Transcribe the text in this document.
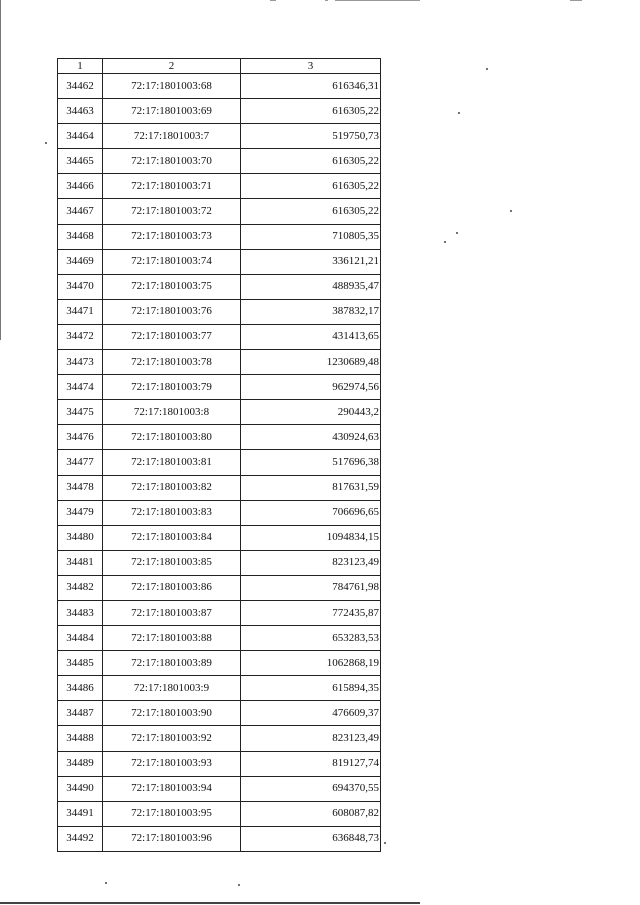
1	2	3
34462	72:17:1801003:68	616346,31
34463	72:17:1801003:69	616305,22
34464	72:17:1801003:7	519750,73
34465	72:17:1801003:70	616305,22
34466	72:17:1801003:71	616305,22
34467	72:17:1801003:72	616305,22
34468	72:17:1801003:73	710805,35
34469	72:17:1801003:74	336121,21
34470	72:17:1801003:75	488935,47
34471	72:17:1801003:76	387832,17
34472	72:17:1801003:77	431413,65
34473	72:17:1801003:78	1230689,48
34474	72:17:1801003:79	962974,56
34475	72:17:1801003:8	290443,2
34476	72:17:1801003:80	430924,63
34477	72:17:1801003:81	517696,38
34478	72:17:1801003:82	817631,59
34479	72:17:1801003:83	706696,65
34480	72:17:1801003:84	1094834,15
34481	72:17:1801003:85	823123,49
34482	72:17:1801003:86	784761,98
34483	72:17:1801003:87	772435,87
34484	72:17:1801003:88	653283,53
34485	72:17:1801003:89	1062868,19
34486	72:17:1801003:9	615894,35
34487	72:17:1801003:90	476609,37
34488	72:17:1801003:92	823123,49
34489	72:17:1801003:93	819127,74
34490	72:17:1801003:94	694370,55
34491	72:17:1801003:95	608087,82
34492	72:17:1801003:96	636848,73
